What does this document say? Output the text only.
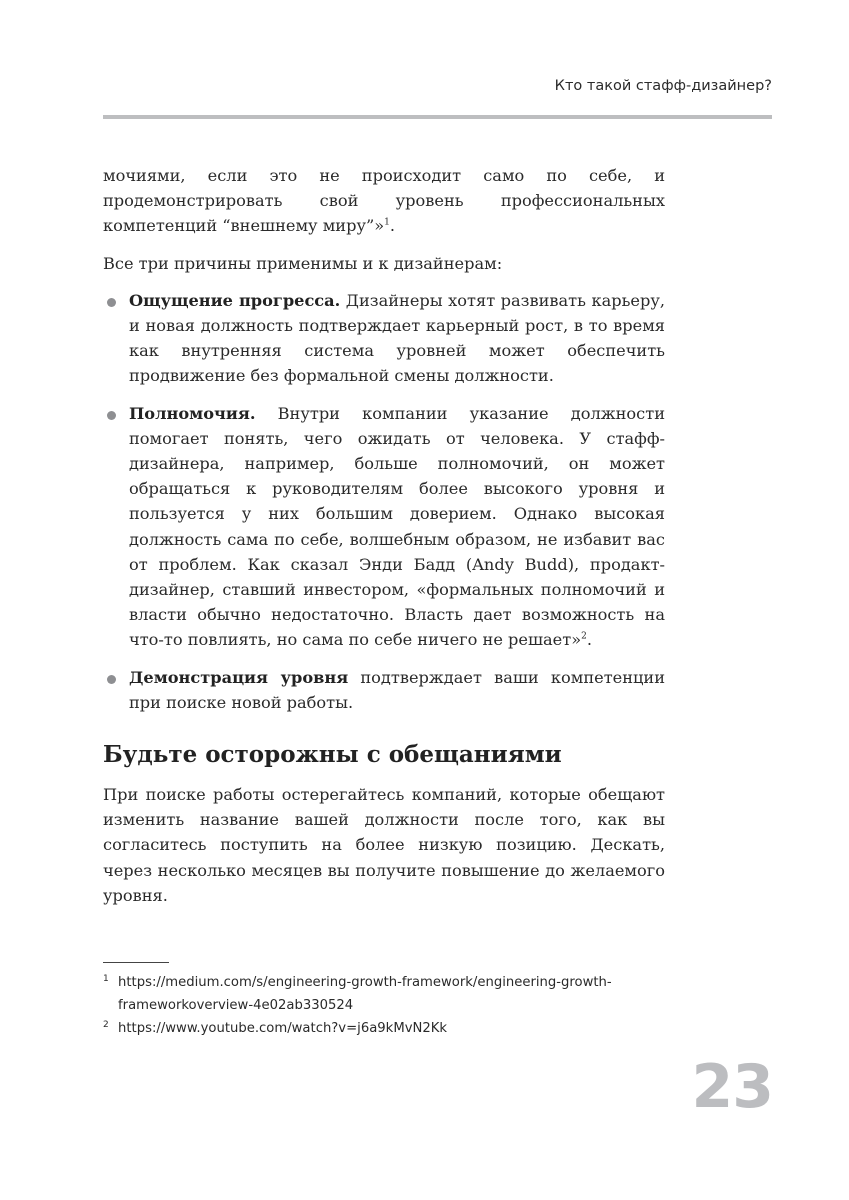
Кто такой стафф-дизайнер?

мочиями, если это не происходит само по себе, и продемонстрировать свой уровень профессиональных компетенций “внешнему миру”»$^1$.

Все три причины применимы и к дизайнерам:

Ощущение прогресса. Дизайнеры хотят развивать карьеру, и новая должность подтверждает карьерный рост, в то время как внутренняя система уровней может обеспечить продвижение без формальной смены должности.
Полномочия. Внутри компании указание должности помогает понять, чего ожидать от человека. У стафф-дизайнера, например, больше полномочий, он может обращаться к руководителям более высокого уровня и пользуется у них большим доверием. Однако высокая должность сама по себе, волшебным образом, не избавит вас от проблем. Как сказал Энди Бадд (Andy Budd), продакт-дизайнер, ставший инвестором, «формальных полномочий и власти обычно недостаточно. Власть дает возможность на что-то повлиять, но сама по себе ничего не решает»$^2$.
Демонстрация уровня подтверждает ваши компетенции при поиске новой работы.
Будьте осторожны с обещаниями

При поиске работы остерегайтесь компаний, которые обещают изменить название вашей должности после того, как вы согласитесь поступить на более низкую позицию. Дескать, через несколько месяцев вы получите повышение до желаемого уровня.

1 https://medium.com/s/engineering-growth-framework/engineering-growth-frameworkoverview-4e02ab330524
2 https://www.youtube.com/watch?v=j6a9kMvN2Kk
23
